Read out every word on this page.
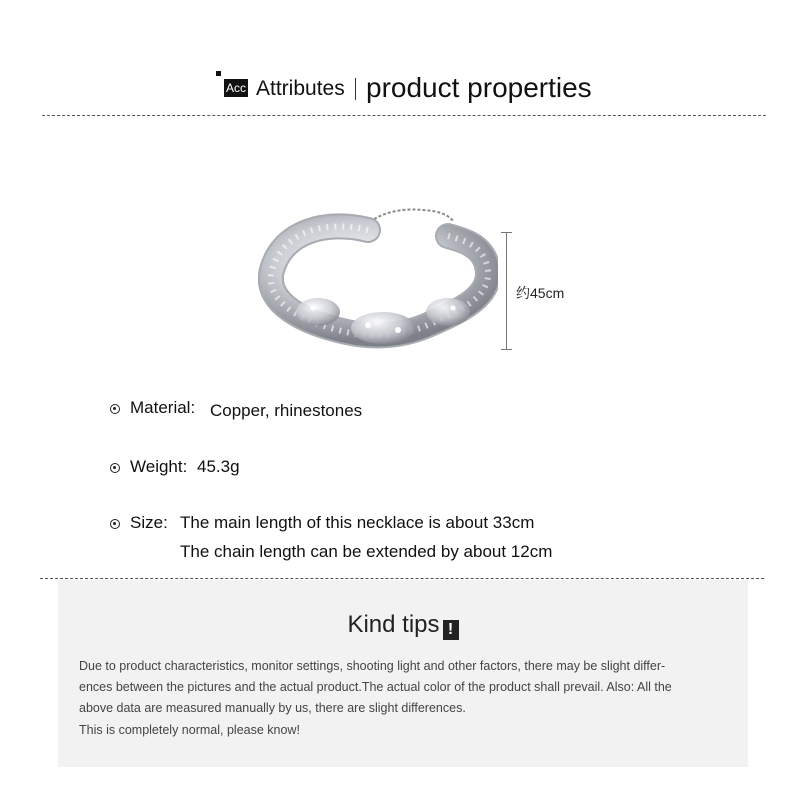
Acc Attributes product properties
约45cm
Material: Copper, rhinestones
Weight: 45.3g
Size: The main length of this necklace is about 33cm
The chain length can be extended by about 12cm
Kind tips !
Due to product characteristics, monitor settings, shooting light and other factors, there may be slight differ-
ences between the pictures and the actual product.The actual color of the product shall prevail. Also: All the
above data are measured manually by us, there are slight differences.
This is completely normal, please know!
